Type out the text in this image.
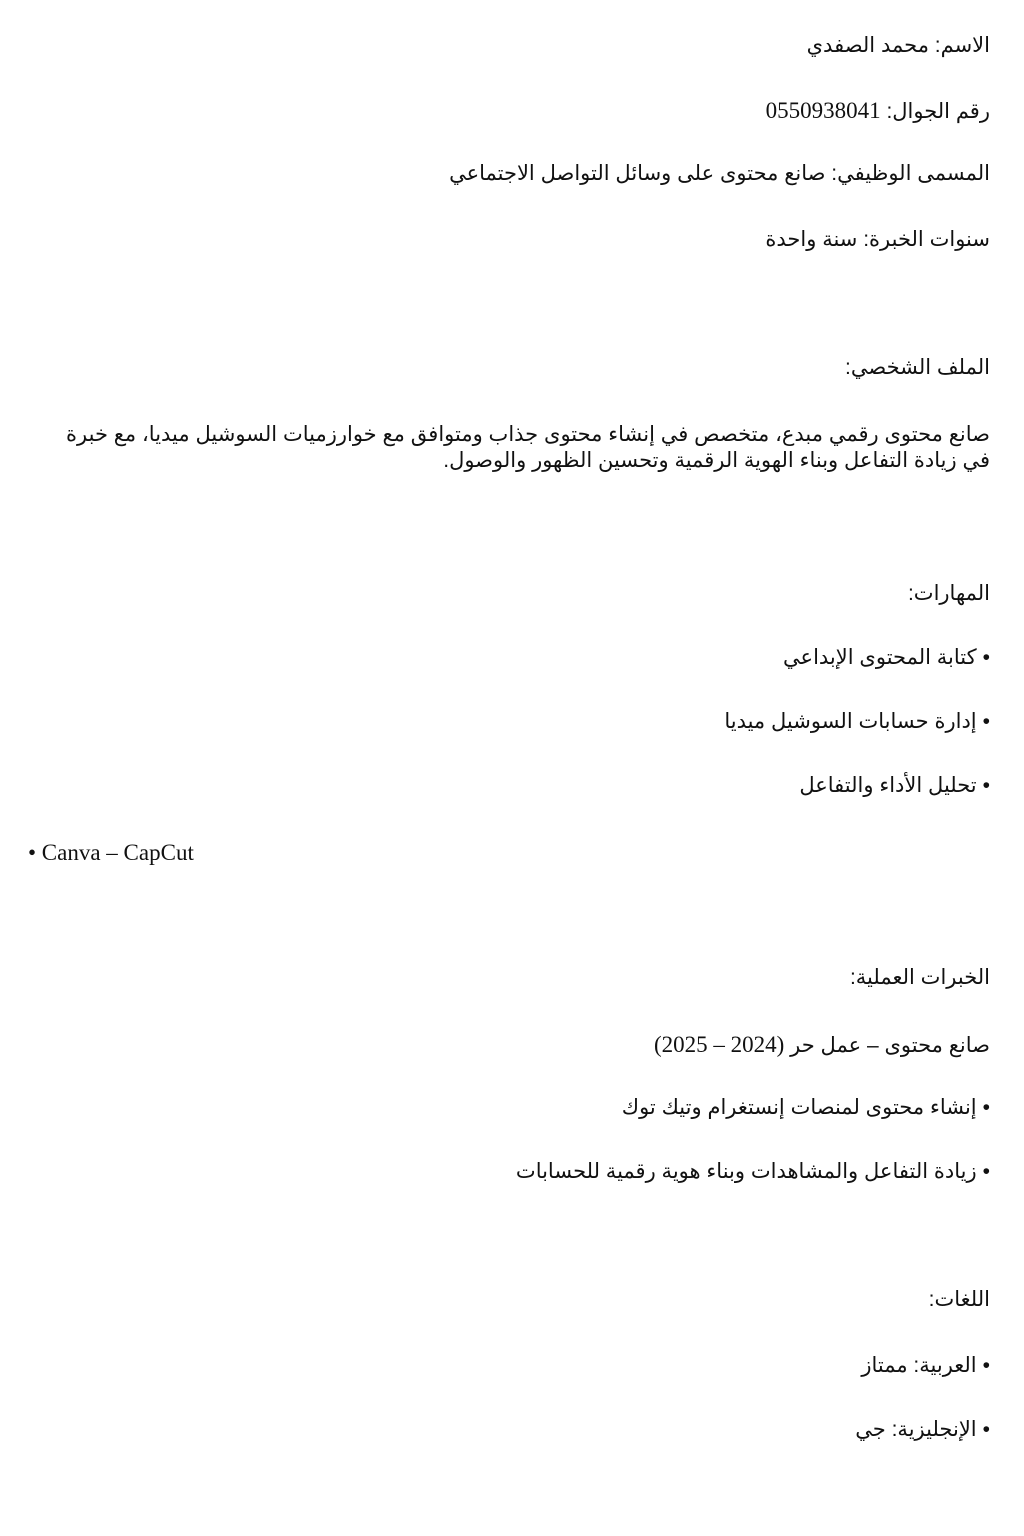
الاسم: محمد الصفدي

رقم الجوال: 0550938041

المسمى الوظيفي: صانع محتوى على وسائل التواصل الاجتماعي

سنوات الخبرة: سنة واحدة

الملف الشخصي:

صانع محتوى رقمي مبدع، متخصص في إنشاء محتوى جذاب ومتوافق مع خوارزميات السوشيل ميديا، مع خبرة في زيادة التفاعل وبناء الهوية الرقمية وتحسين الظهور والوصول.

المهارات:

•كتابة المحتوى الإبداعي

•إدارة حسابات السوشيل ميديا

•تحليل الأداء والتفاعل

• Canva – CapCut

الخبرات العملية:

صانع محتوى – عمل حر (2024 – 2025)

•إنشاء محتوى لمنصات إنستغرام وتيك توك

•زيادة التفاعل والمشاهدات وبناء هوية رقمية للحسابات

اللغات:

•العربية: ممتاز

•الإنجليزية: جي
